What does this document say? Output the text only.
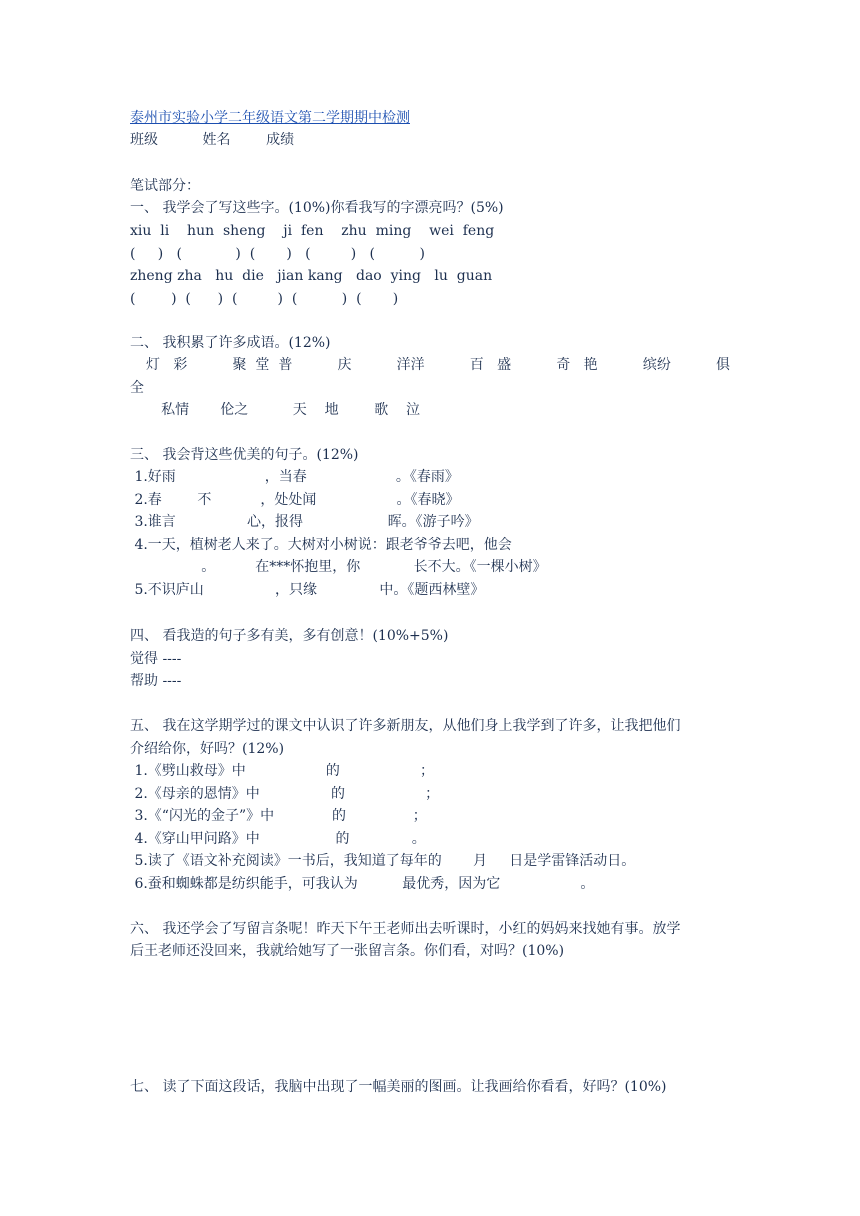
泰州市实验小学二年级语文第二学期期中检测
班级          姓名        成绩
笔试部分：
一、 我学会了写这些字。(10%)你看我写的字漂亮吗？(5%)
xiu  li    hun  sheng    ji  fen    zhu  ming    wei  feng
(     )   (            )  (       )   (         )   (          )
zheng zha   hu  die   jian kang   dao  ying   lu  guan
(        )  (      )  (         )  (          )  (       )
二、 我积累了许多成语。(12%)
灯   彩	聚  堂  普	庆	洋洋	百   盛	奇   艳	缤纷	俱
全
私情       伦之          天    地        歌    泣
三、 我会背这些优美的句子。(12%)
1.好雨                    ，当春                    。《春雨》
2.春        不           ，处处闻                  。《春晓》
3.谁言                心，报得                   晖。《游子吟》
4.一天，植树老人来了。大树对小树说：跟老爷爷去吧，他会
。         在***怀抱里，你            长不大。《一棵小树》
5.不识庐山                ，只缘              中。《题西林壁》
四、 看我造的句子多有美，多有创意！(10%+5%)
觉得 ----
帮助 ----
五、 我在这学期学过的课文中认识了许多新朋友，从他们身上我学到了许多，让我把他们
介绍给你，好吗？(12%)
1.《劈山救母》中                  的                  ；
2.《母亲的恩情》中                的                  ；
3.《“闪光的金子”》中             的               ；
4.《穿山甲问路》中                 的              。
5.读了《语文补充阅读》一书后，我知道了每年的       月     日是学雷锋活动日。
6.蚕和蜘蛛都是纺织能手，可我认为          最优秀，因为它                  。
六、 我还学会了写留言条呢！昨天下午王老师出去听课时，小红的妈妈来找她有事。放学
后王老师还没回来，我就给她写了一张留言条。你们看，对吗？(10%)
七、 读了下面这段话，我脑中出现了一幅美丽的图画。让我画给你看看，好吗？(10%)
